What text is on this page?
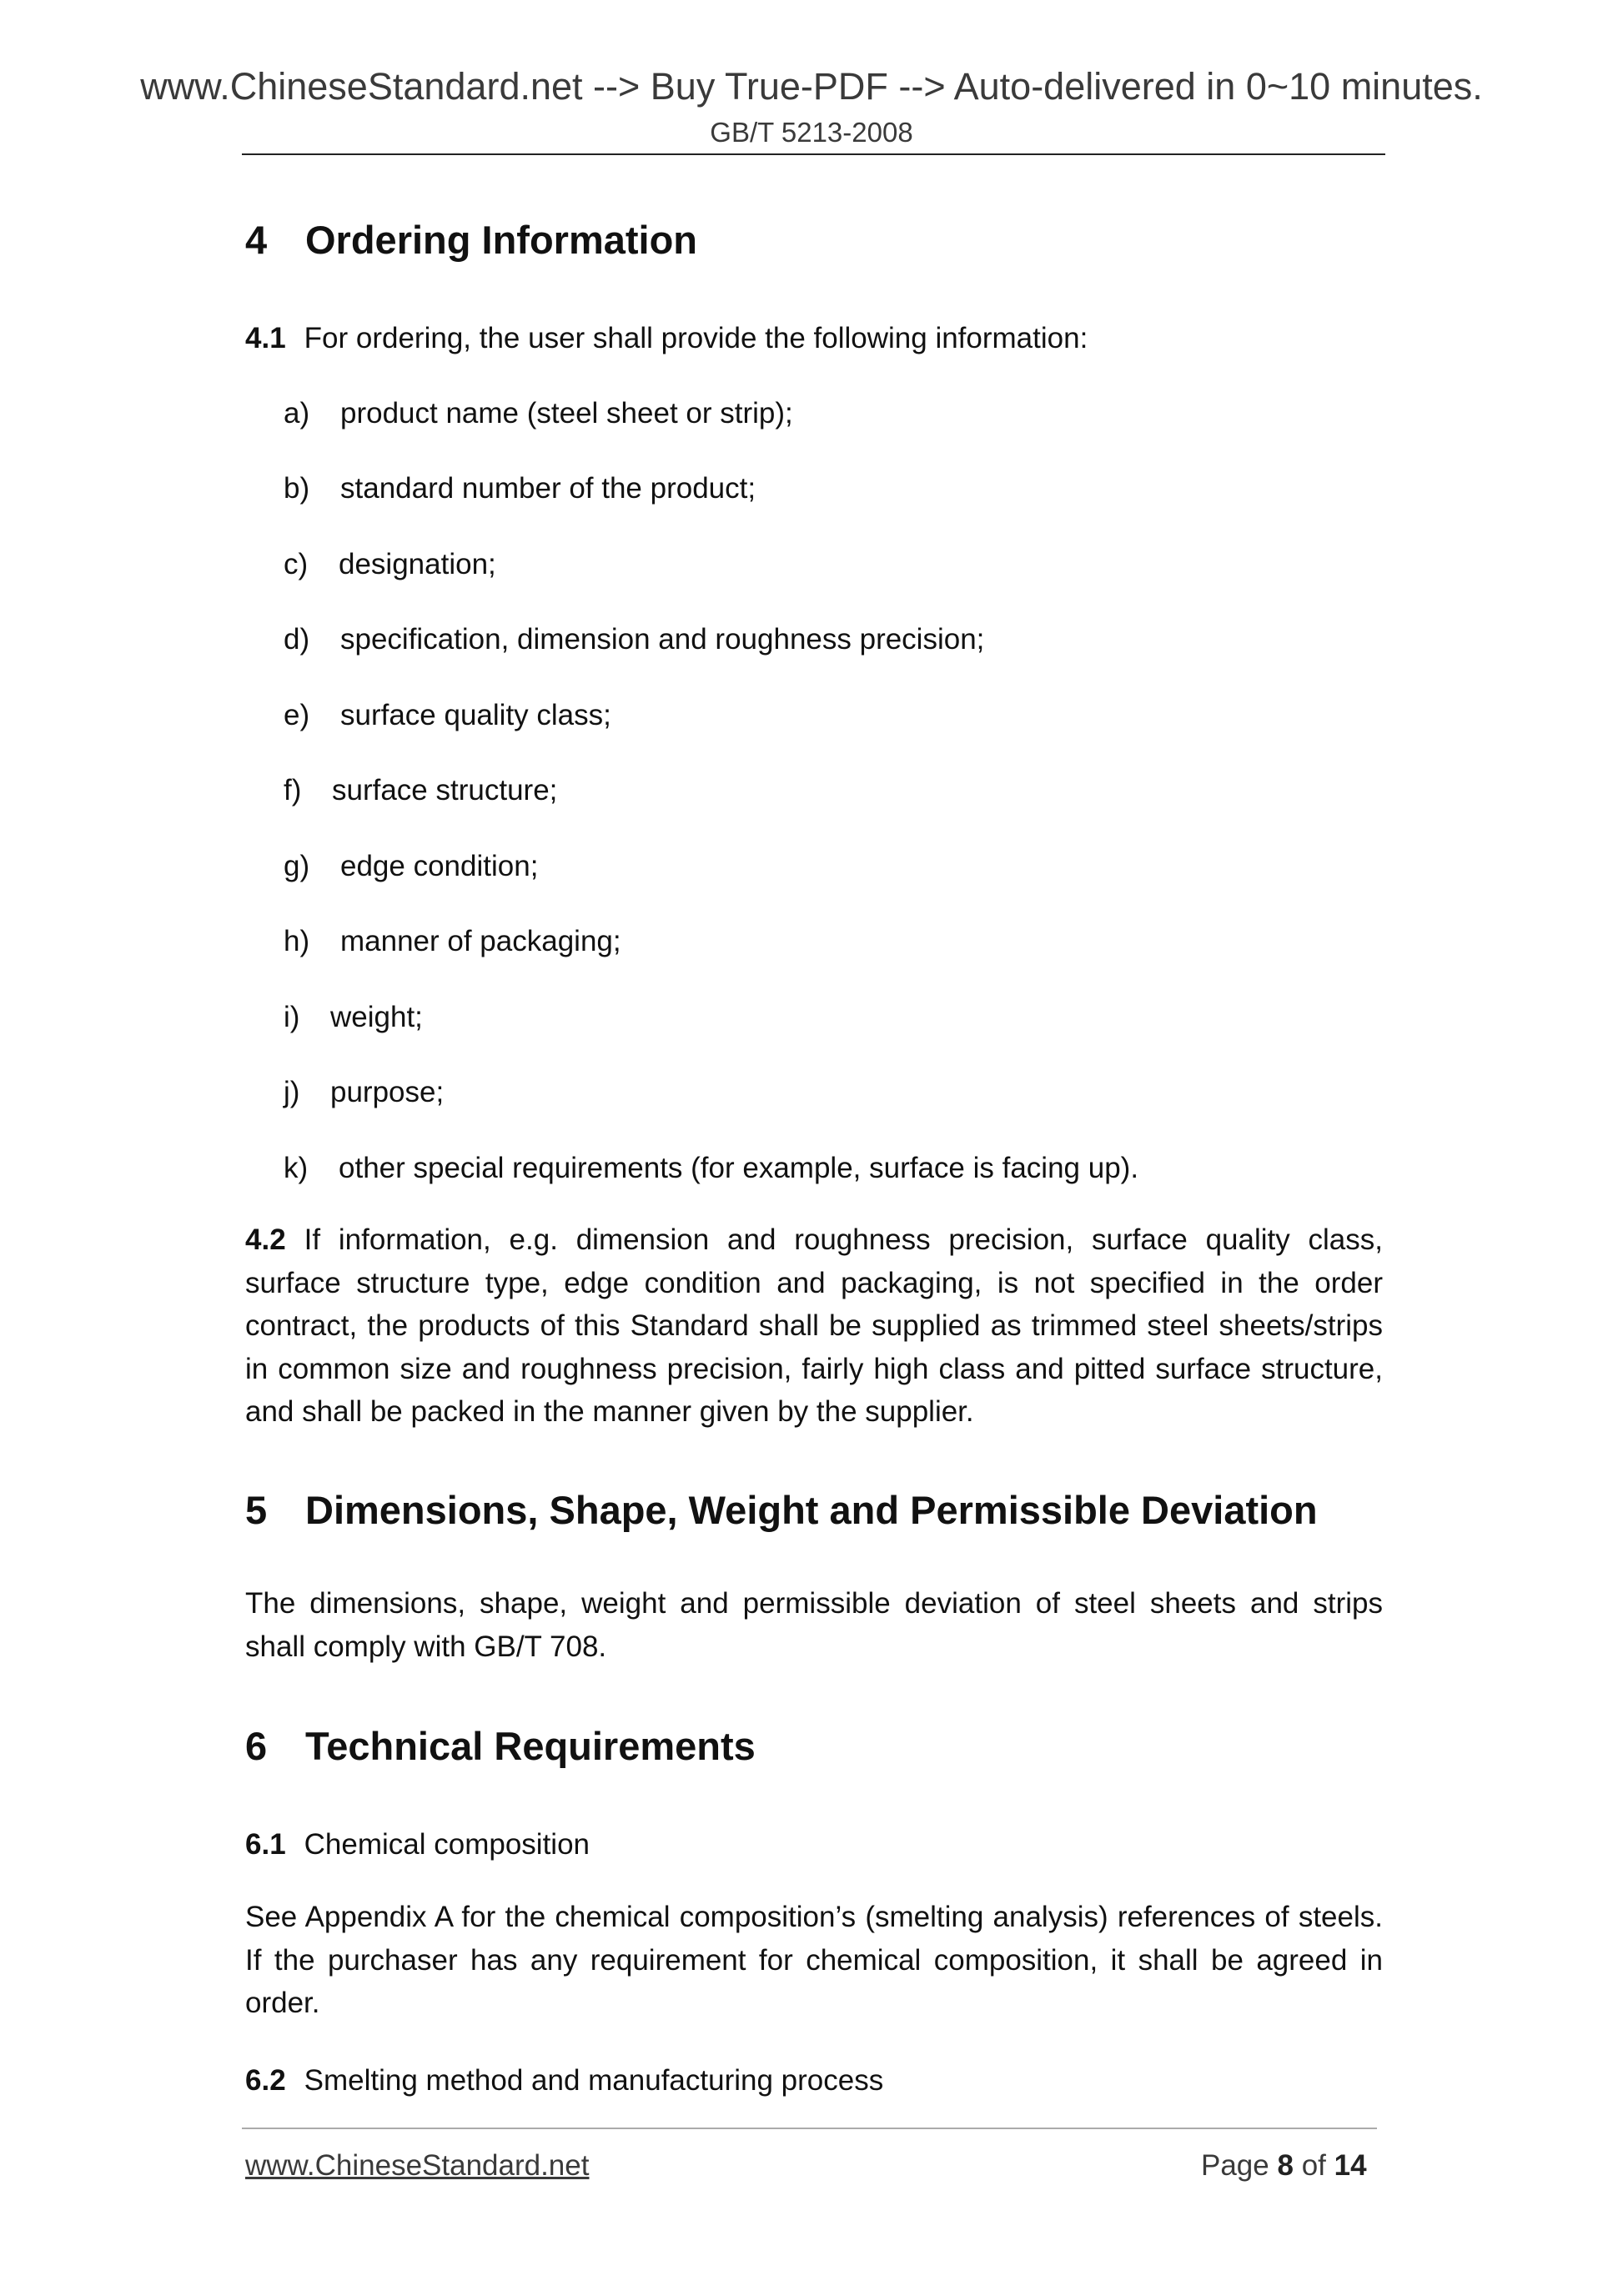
www.ChineseStandard.net --> Buy True-PDF --> Auto-delivered in 0~10 minutes.
GB/T 5213-2008
4 Ordering Information
4.1 For ordering, the user shall provide the following information:
a) product name (steel sheet or strip);
b) standard number of the product;
c) designation;
d) specification, dimension and roughness precision;
e) surface quality class;
f) surface structure;
g) edge condition;
h) manner of packaging;
i) weight;
j) purpose;
k) other special requirements (for example, surface is facing up).
4.2 If information, e.g. dimension and roughness precision, surface quality class, surface structure type, edge condition and packaging, is not specified in the order contract, the products of this Standard shall be supplied as trimmed steel sheets/strips in common size and roughness precision, fairly high class and pitted surface structure, and shall be packed in the manner given by the supplier.
5 Dimensions, Shape, Weight and Permissible Deviation
The dimensions, shape, weight and permissible deviation of steel sheets and strips shall comply with GB/T 708.
6 Technical Requirements
6.1 Chemical composition
See Appendix A for the chemical composition’s (smelting analysis) references of steels. If the purchaser has any requirement for chemical composition, it shall be agreed in order.
6.2 Smelting method and manufacturing process
www.ChineseStandard.net	Page 8 of 14
